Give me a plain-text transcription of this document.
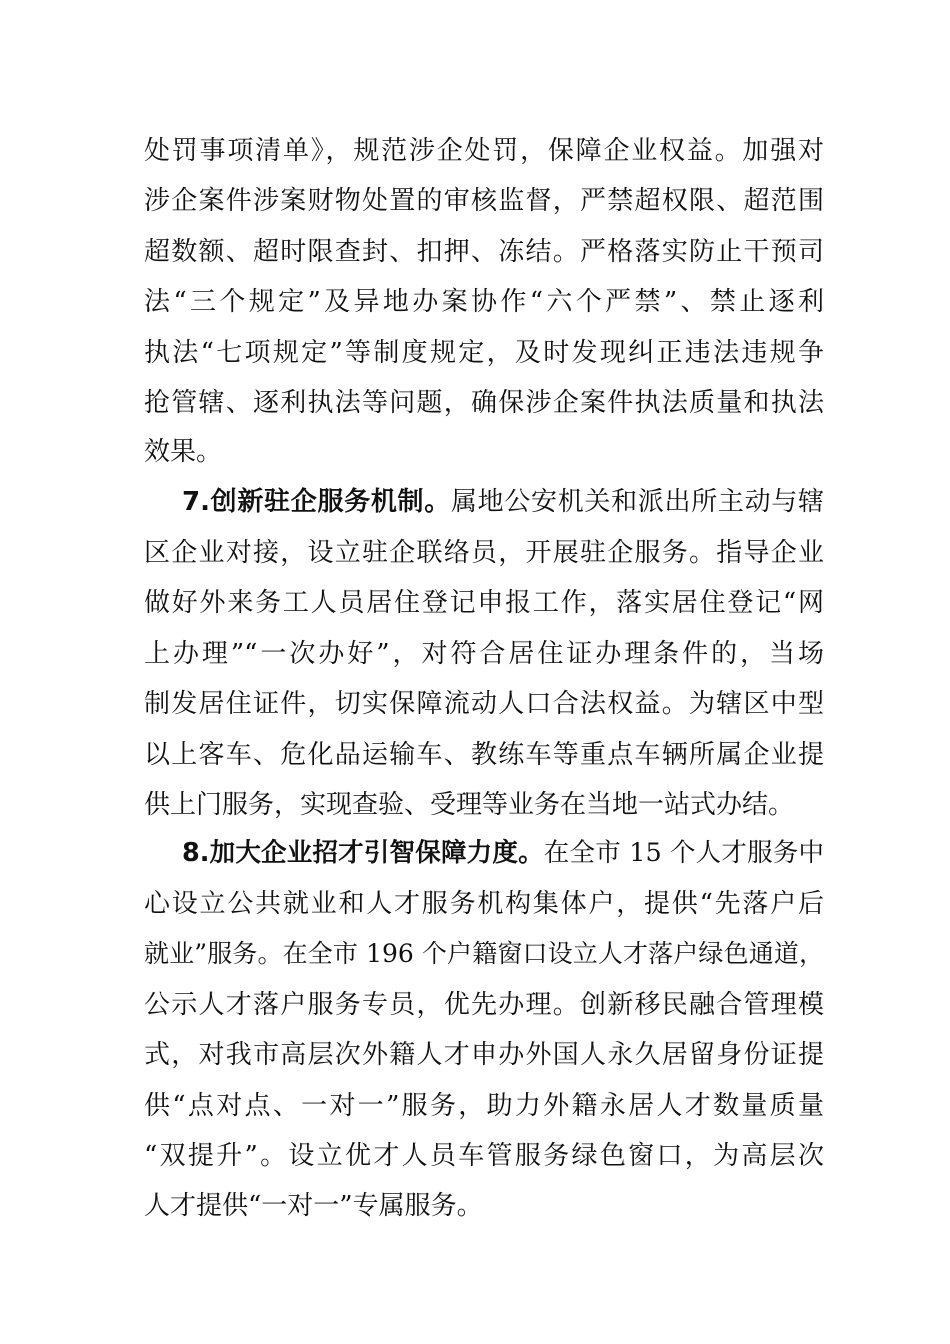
处罚事项清单》，规范涉企处罚，保障企业权益。加强对
涉企案件涉案财物处置的审核监督，严禁超权限、超范围
超数额、超时限查封、扣押、冻结。严格落实防止干预司
法“三个规定”及异地办案协作“六个严禁”、禁止逐利
执法“七项规定”等制度规定，及时发现纠正违法违规争
抢管辖、逐利执法等问题，确保涉企案件执法质量和执法
效果。
7.创新驻企服务机制。属地公安机关和派出所主动与辖
区企业对接，设立驻企联络员，开展驻企服务。指导企业
做好外来务工人员居住登记申报工作，落实居住登记“网
上办理”“一次办好”，对符合居住证办理条件的，当场
制发居住证件，切实保障流动人口合法权益。为辖区中型
以上客车、危化品运输车、教练车等重点车辆所属企业提
供上门服务，实现查验、受理等业务在当地一站式办结。
8.加大企业招才引智保障力度。在全市 15 个人才服务中
心设立公共就业和人才服务机构集体户，提供“先落户后
就业”服务。在全市 196 个户籍窗口设立人才落户绿色通道，
公示人才落户服务专员，优先办理。创新移民融合管理模
式，对我市高层次外籍人才申办外国人永久居留身份证提
供“点对点、一对一”服务，助力外籍永居人才数量质量
“双提升”。设立优才人员车管服务绿色窗口，为高层次
人才提供“一对一”专属服务。
